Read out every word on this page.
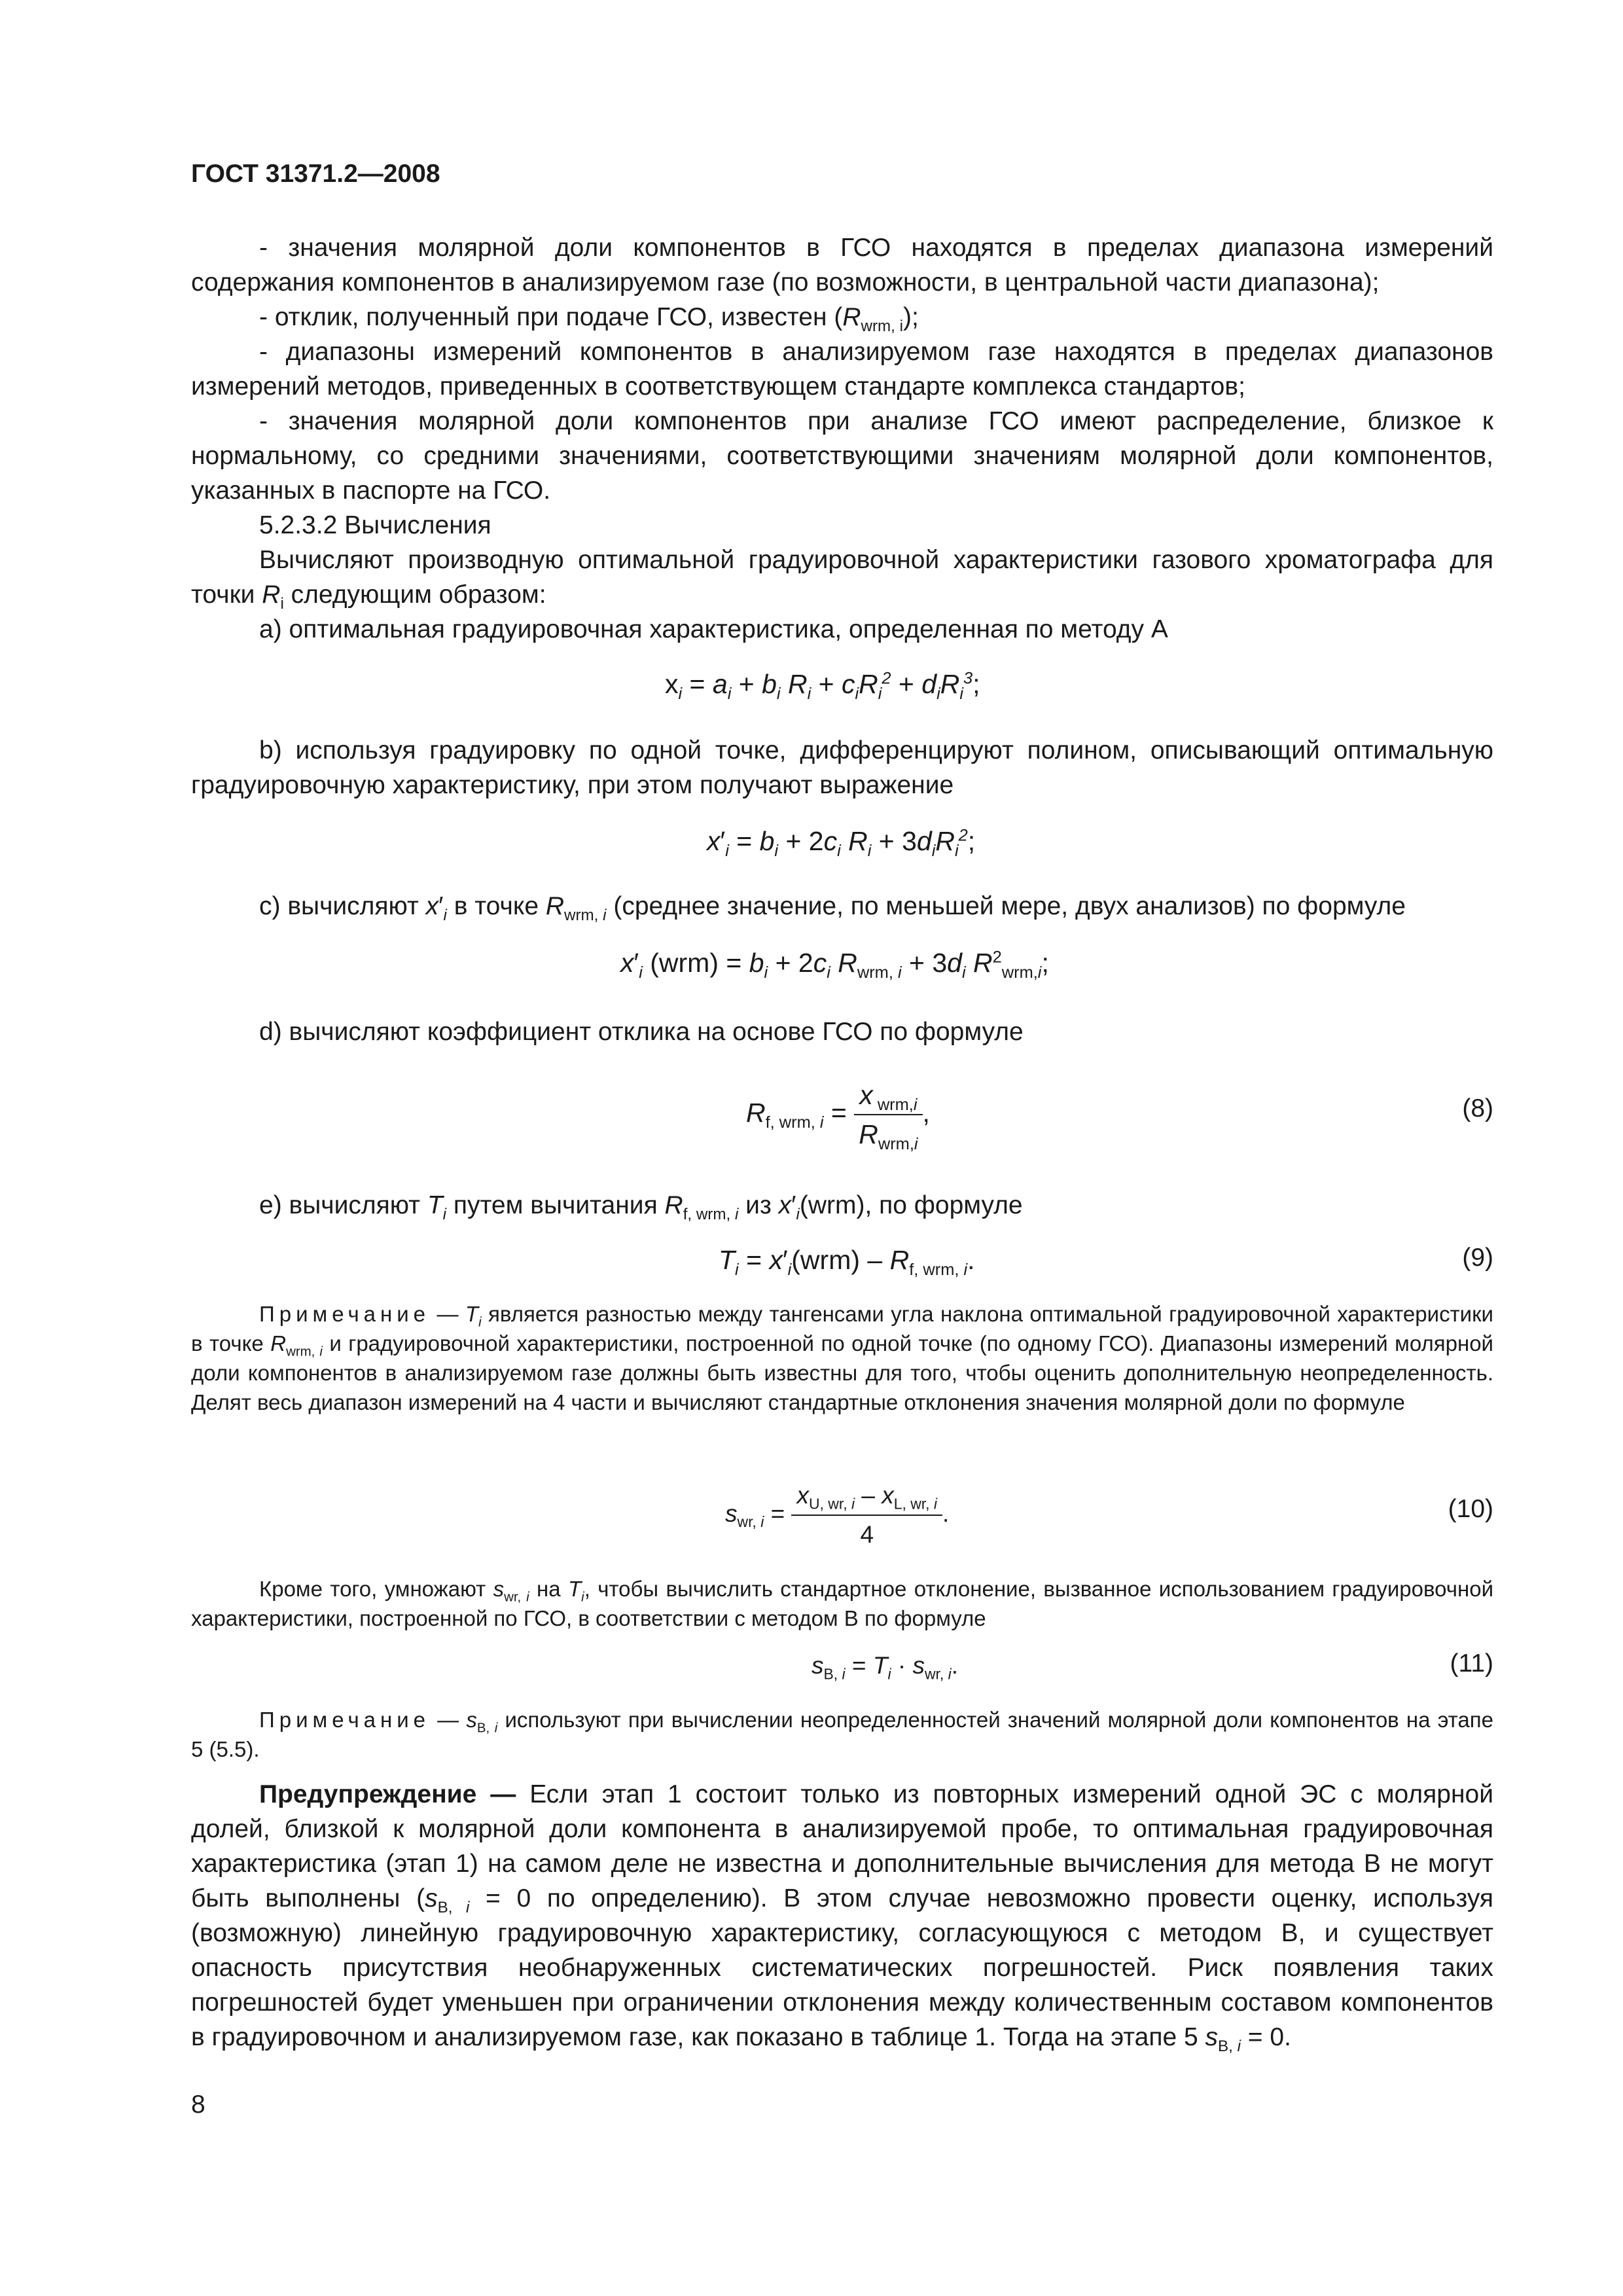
ГОСТ 31371.2—2008
- значения молярной доли компонентов в ГСО находятся в пределах диапазона измерений содержания компонентов в анализируемом газе (по возможности, в центральной части диапазона);
- отклик, полученный при подаче ГСО, известен $(R_{wrm, i})$;
- диапазоны измерений компонентов в анализируемом газе находятся в пределах диапазонов измерений методов, приведенных в соответствующем стандарте комплекса стандартов;
- значения молярной доли компонентов при анализе ГСО имеют распределение, близкое к нормальному, со средними значениями, соответствующими значениям молярной доли компонентов, указанных в паспорте на ГСО.
5.2.3.2 Вычисления
Вычисляют производную оптимальной градуировочной характеристики газового хроматографа для точки $R_i$ следующим образом:
a) оптимальная градуировочная характеристика, определенная по методу А
$x_i = a_i + b_i$ $R_i + c_iR_i^2 + d_iR_i^3$;
b) используя градуировку по одной точке, дифференцируют полином, описывающий оптимальную градуировочную характеристику, при этом получают выражение
$x'_i = b_i + 2c_i$ $R_i + 3d_iR_i^2$;
c) вычисляют $x'_i$ в точке $R_{wrm, i}$ (среднее значение, по меньшей мере, двух анализов) по формуле
$x'_i$ $(wrm) = b_i + 2c_i$ $R_{wrm, i} + 3d_i$ $R^2_{wrm,i}$;
d) вычисляют коэффициент отклика на основе ГСО по формуле
$R_{f, wrm, i} = \frac{x _{wrm,i}}{R_{wrm,i}}$ ,	(8)
e) вычисляют $T_i$ путем вычитания $R_{f, wrm, i}$ из $x'_i(wrm)$, по формуле
$T_i = x'_i(wrm) - R_{f, wrm, i}$.	(9)
Примечание — $T_i$ является разностью между тангенсами угла наклона оптимальной градуировочной характеристики в точке $R_{wrm, i}$ и градуировочной характеристики, построенной по одной точке (по одному ГСО). Диапазоны измерений молярной доли компонентов в анализируемом газе должны быть известны для того, чтобы оценить дополнительную неопределенность. Делят весь диапазон измерений на 4 части и вычисляют стандартные отклонения значения молярной доли по формуле
$s_{wr, i} = \frac{x_{U, wr, i} - x_{L, wr, i}}{4}$ .	(10)
Кроме того, умножают $s_{wr, i}$ на $T_i$, чтобы вычислить стандартное отклонение, вызванное использованием градуировочной характеристики, построенной по ГСО, в соответствии с методом В по формуле
$s_{B, i} = T_i \cdot s_{wr, i}$.	(11)
Примечание — $s_{B, i}$ используют при вычислении неопределенностей значений молярной доли компонентов на этапе 5 (5.5).
Предупреждение — Если этап 1 состоит только из повторных измерений одной ЭС с молярной долей, близкой к молярной доли компонента в анализируемой пробе, то оптимальная градуировочная характеристика (этап 1) на самом деле не известна и дополнительные вычисления для метода В не могут быть выполнены ($s_{B, i} = 0$ по определению). В этом случае невозможно провести оценку, используя (возможную) линейную градуировочную характеристику, согласующуюся с методом В, и существует опасность присутствия необнаруженных систематических погрешностей. Риск появления таких погрешностей будет уменьшен при ограничении отклонения между количественным составом компонентов в градуировочном и анализируемом газе, как показано в таблице 1. Тогда на этапе 5 $s_{B, i} = 0$.
8
